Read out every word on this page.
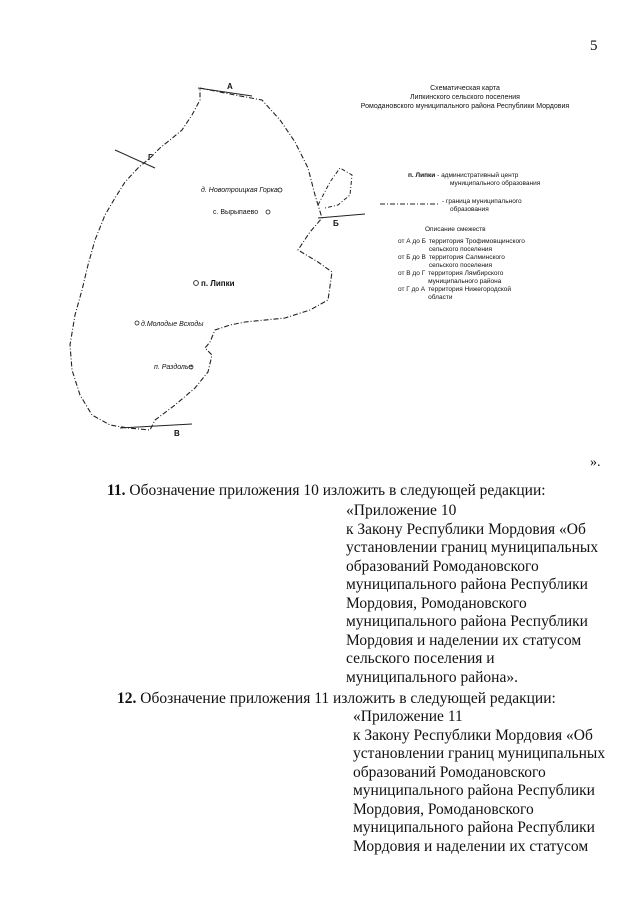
5
Схематическая карта
Липкинского сельского поселения
Ромодановского муниципального района Республики Мордовия
А
Б
В
Г
д. Новотроицкая Горка
с. Вырыпаево
п. Липки
д.Молодые Всходы
п. Раздолье
п. Липки - административный центр
муниципального образования
- граница муниципального
образования
Описание смежеств
от А до Б территория Трофимовщинского
сельского поселения
от Б до В территория Салминского
сельского поселения
от В до Г территория Лямбирского
муниципального района
от Г до А территория Нижегородской
области
».
11. Обозначение приложения 10 изложить в следующей редакции:
«Приложение 10
к Закону Республики Мордовия «Об
установлении границ муниципальных
образований Ромодановского
муниципального района Республики
Мордовия, Ромодановского
муниципального района Республики
Мордовия и наделении их статусом
сельского поселения и
муниципального района».
12. Обозначение приложения 11 изложить в следующей редакции:
«Приложение 11
к Закону Республики Мордовия «Об
установлении границ муниципальных
образований Ромодановского
муниципального района Республики
Мордовия, Ромодановского
муниципального района Республики
Мордовия и наделении их статусом
